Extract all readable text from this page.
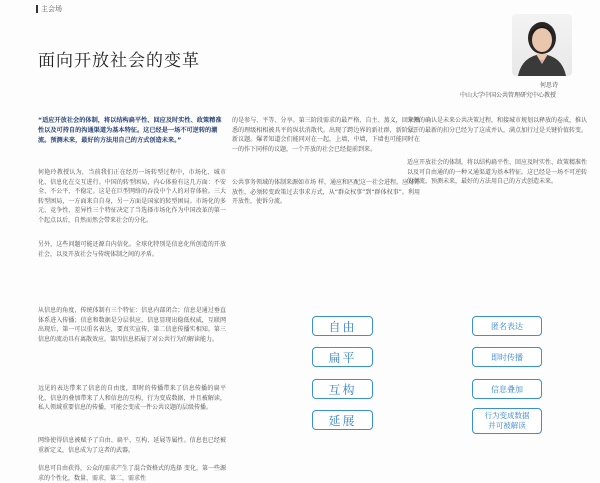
主会场
面向开放社会的变革
何思诗
中山大学中国公共管理研究中心教授
“适应开放社会的体制，将以结构扁平性、回应及时实性、政策精准性以及可持自的沟通渠道为基本特征。这已经是一场不可逆转的潮流。预测未来，最好的方法用自己的方式创造未来。”
何艳玲教授认为，当前我们正在经历一场转型过程中，市场化、城市化、信息化在交互进行。中国的转型困局，内心体验有这几方面：不安全、不公平、不稳定。这是在巨型网络的吞没中个人的对存体验。三大转型困局，一方面来自自身，另一方面是国家的转型困局。市场化的多元、竞争性、差异性三个特征决定了当选择市场化作为中国改革的第一个起点以后，自然而然会带来社会的分化。
另外，这些问题可能还源自内信化。全球化特别是信息化所创造的开放社会，以及开放社会与传统体制之间的矛盾。
从信息的角度，传统体制有三个特征：信息内部闭合；信息是通过垂直体系进入传播；信息和数据是分层供应，信息显现出稳低权威，互联网出现后，第一可以重名表达，要真实宣传，第二信息传播实相知。第三信息的流动具有离散效应。第四信息拓展了对公共行为的解读能力。
远见的表达带来了信息的自由度，即时的传播带来了信息传播的扁平化，信息的叠加带来了人和信息的互构，行为变成数据，并且被解读，私人领域重要信息的传播，可能会变成一件公共议题的层级传播。
网络使得信息被赋予了自由、扁平、互构、延展等属性。信息也已经被重新定义，信息成为了这者的武器。
信息可自由获得，公众的需求产生了混合资格式的选择 变化，第一些源求的个性化，数量、需求，第二，需求性
的是参与、平等、分享。第三阶段需求的最严格、自主、蒸义，回来熟悉的理级相相被具平的纵状消散代。出现了跨边界的新社群，新阶层，新议题。爆者知道会们能同对在一起，上墙，中墙，下墙也可能同时在一的作下同样的议题，一个开放的社会已经提前到来。
公共事务领域的体制来源如市场 样，通应和匹配这一社会进程。应对开放性，必须转变政策过去事求方式，从“群众权事”到“群体权事”。利用开放性，使诉分流。
分领的确认是未来公共决策过程，和接城市规划以释放的卷成，推认分开的最新的扣分已经为了这成并认，满点加行过是关键价值转变。
适应开放社会的体制，将以结构扁平性、回应及时实性、政策精准性以及可自由通的的一种又通渠道为基本特征。这已经是一场不可逆转的潮流。预测未来，最好的方法用自己的方式创造未来。
自由
扁平
互构
延展
匿名表达
即时传播
信息叠加
行为变成数据
并可被解读
